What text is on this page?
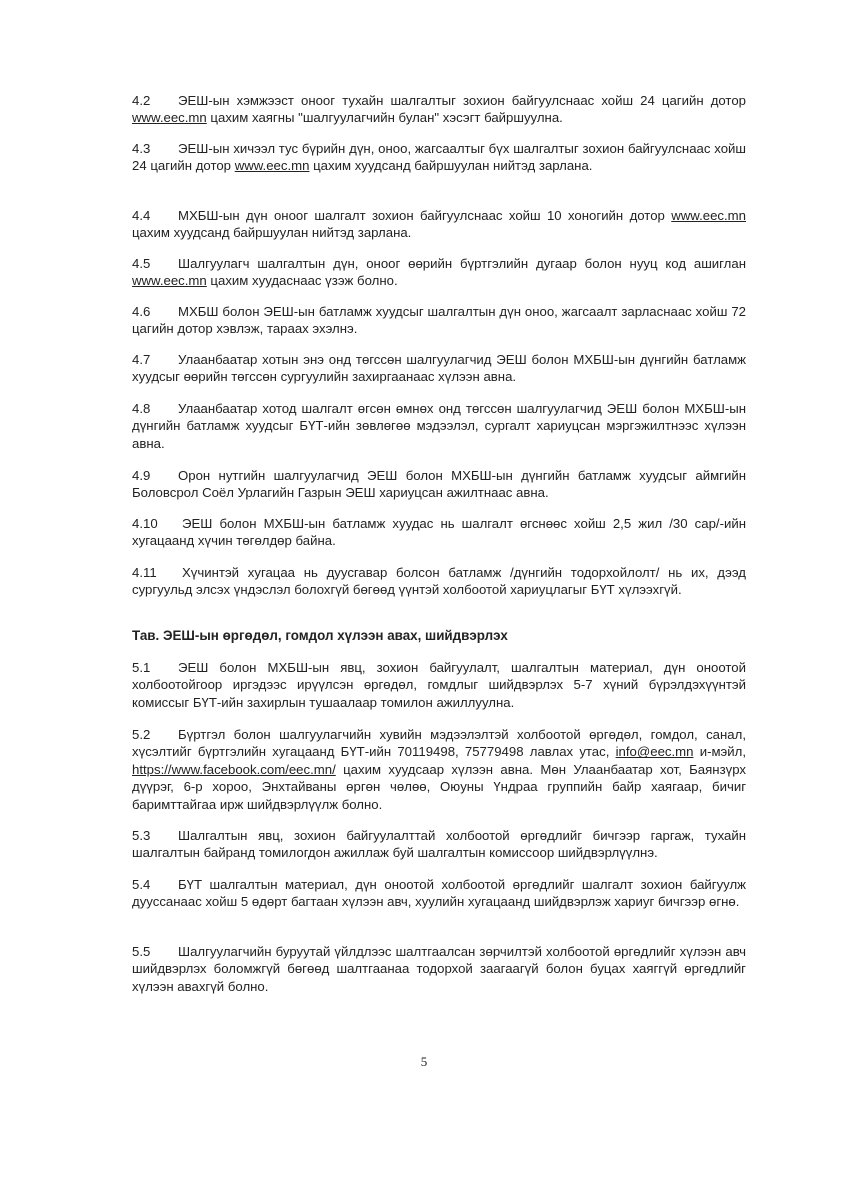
4.2 ЭЕШ-ын хэмжээст оноог тухайн шалгалтыг зохион байгуулснаас хойш 24 цагийн дотор www.eec.mn цахим хаягны "шалгуулагчийн булан" хэсэгт байршуулна.

4.3 ЭЕШ-ын хичээл тус бүрийн дүн, оноо, жагсаалтыг бүх шалгалтыг зохион байгуулснаас хойш 24 цагийн дотор www.eec.mn цахим хуудсанд байршуулан нийтэд зарлана.

4.4 МХБШ-ын дүн оноог шалгалт зохион байгуулснаас хойш 10 хоногийн дотор www.eec.mn цахим хуудсанд байршуулан нийтэд зарлана.

4.5 Шалгуулагч шалгалтын дүн, оноог өөрийн бүртгэлийн дугаар болон нууц код ашиглан www.eec.mn цахим хуудаснаас үзэж болно.

4.6 МХБШ болон ЭЕШ-ын батламж хуудсыг шалгалтын дүн оноо, жагсаалт зарласнаас хойш 72 цагийн дотор хэвлэж, тараах эхэлнэ.

4.7 Улаанбаатар хотын энэ онд төгссөн шалгуулагчид ЭЕШ болон МХБШ-ын дүнгийн батламж хуудсыг өөрийн төгссөн сургуулийн захиргаанаас хүлээн авна.

4.8 Улаанбаатар хотод шалгалт өгсөн өмнөх онд төгссөн шалгуулагчид ЭЕШ болон МХБШ-ын дүнгийн батламж хуудсыг БҮТ-ийн зөвлөгөө мэдээлэл, сургалт хариуцсан мэргэжилтнээс хүлээн авна.

4.9 Орон нутгийн шалгуулагчид ЭЕШ болон МХБШ-ын дүнгийн батламж хуудсыг аймгийн Боловсрол Соёл Урлагийн Газрын ЭЕШ хариуцсан ажилтнаас авна.

4.10 ЭЕШ болон МХБШ-ын батламж хуудас нь шалгалт өгснөөс хойш 2,5 жил /30 сар/-ийн хугацаанд хүчин төгөлдөр байна.

4.11 Хүчинтэй хугацаа нь дуусгавар болсон батламж /дүнгийн тодорхойлолт/ нь их, дээд сургуульд элсэх үндэслэл болохгүй бөгөөд үүнтэй холбоотой хариуцлагыг БҮТ хүлээхгүй.

Тав. ЭЕШ-ын өргөдөл, гомдол хүлээн авах, шийдвэрлэх

5.1 ЭЕШ болон МХБШ-ын явц, зохион байгуулалт, шалгалтын материал, дүн оноотой холбоотойгоор иргэдээс ирүүлсэн өргөдөл, гомдлыг шийдвэрлэх 5-7 хүний бүрэлдэхүүнтэй комиссыг БҮТ-ийн захирлын тушаалаар томилон ажиллуулна.

5.2 Бүртгэл болон шалгуулагчийн хувийн мэдээлэлтэй холбоотой өргөдөл, гомдол, санал, хүсэлтийг бүртгэлийн хугацаанд БҮТ-ийн 70119498, 75779498 лавлах утас, info@eec.mn и-мэйл, https://www.facebook.com/eec.mn/ цахим хуудсаар хүлээн авна. Мөн Улаанбаатар хот, Баянзүрх дүүрэг, 6-р хороо, Энхтайваны өргөн чөлөө, Оюуны Үндраа группийн байр хаягаар, бичиг баримттайгаа ирж шийдвэрлүүлж болно.

5.3 Шалгалтын явц, зохион байгуулалттай холбоотой өргөдлийг бичгээр гаргаж, тухайн шалгалтын байранд томилогдон ажиллаж буй шалгалтын комиссоор шийдвэрлүүлнэ.

5.4 БҮТ шалгалтын материал, дүн оноотой холбоотой өргөдлийг шалгалт зохион байгуулж дууссанаас хойш 5 өдөрт багтаан хүлээн авч, хуулийн хугацаанд шийдвэрлэж хариуг бичгээр өгнө.

5.5 Шалгуулагчийн буруутай үйлдлээс шалтгаалсан зөрчилтэй холбоотой өргөдлийг хүлээн авч шийдвэрлэх боломжгүй бөгөөд шалтгаанаа тодорхой заагаагүй болон буцах хаяггүй өргөдлийг хүлээн авахгүй болно.

5
